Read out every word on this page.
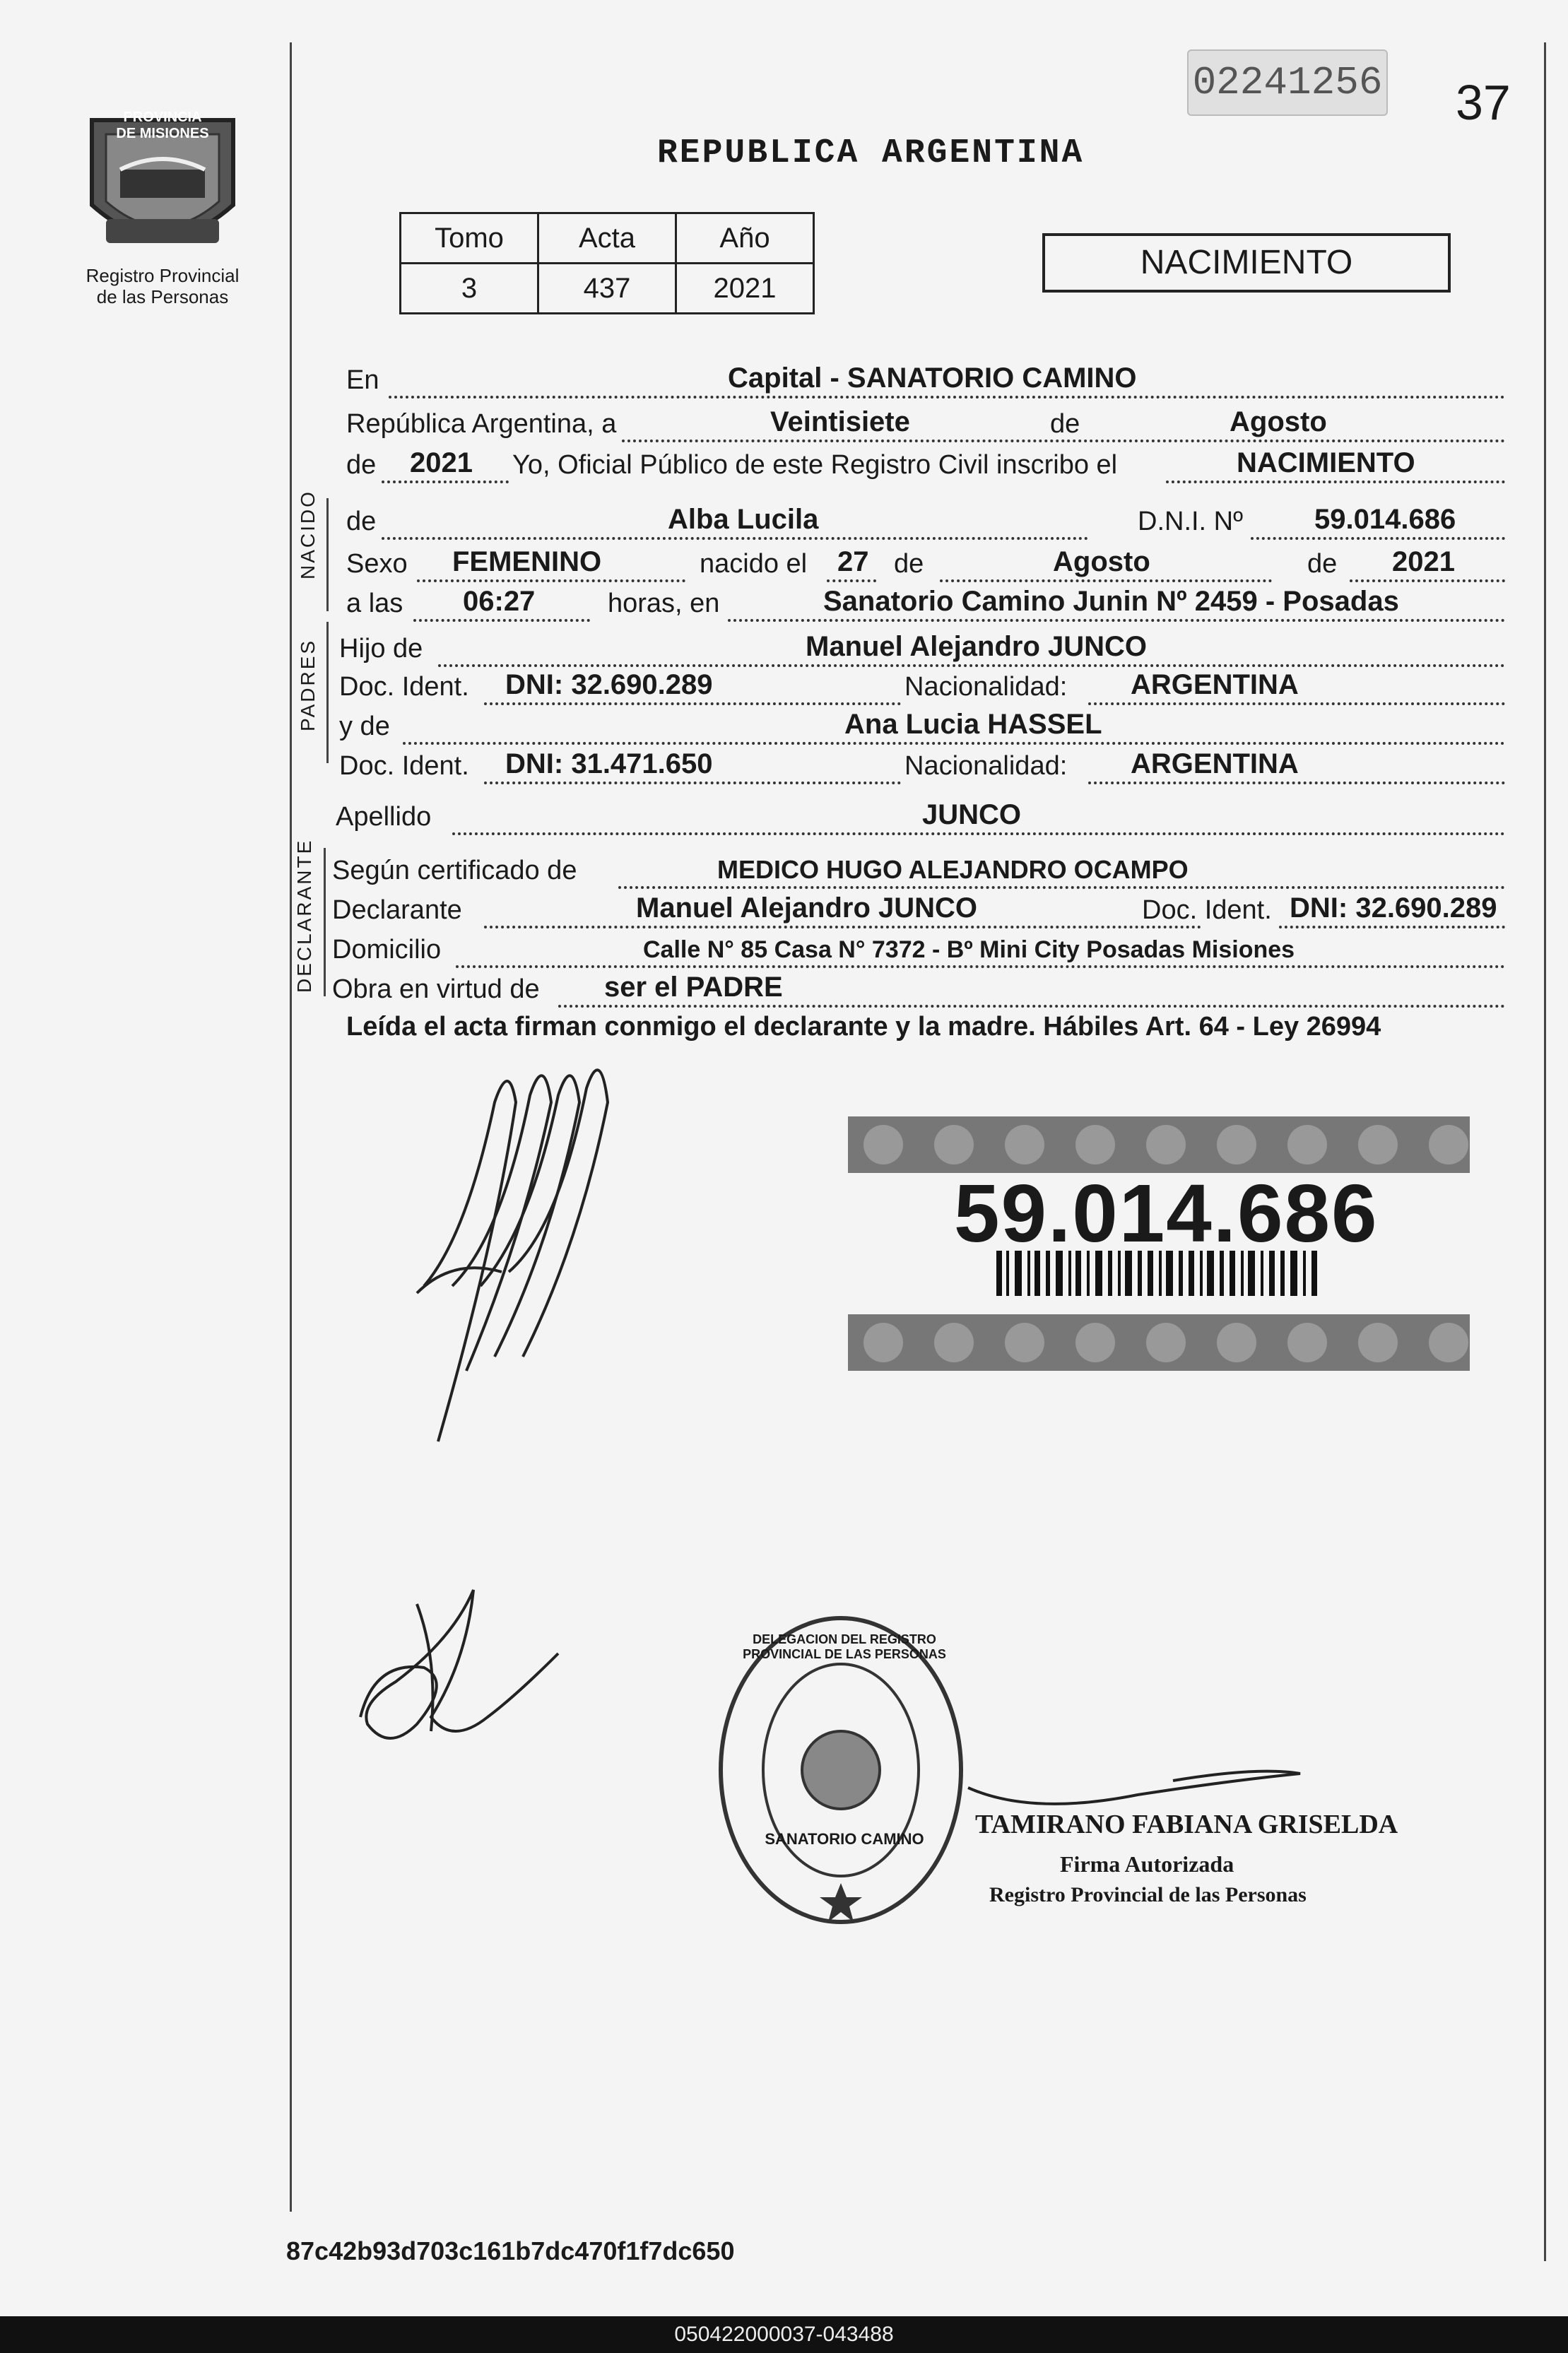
PROVINCIA DE MISIONES
Registro Provincial
de las Personas
REPUBLICA ARGENTINA
02241256 37
Tomo	Acta	Año
3	437	2021
NACIMIENTO
NACIDO
PADRES
DECLARANTE
En	Capital - SANATORIO CAMINO
República Argentina, a	Veintisiete	de	Agosto
de 2021 Yo, Oficial Público de este Registro Civil inscribo el	NACIMIENTO
de	Alba Lucila	D.N.I. Nº	59.014.686
Sexo FEMENINO	nacido el 27 de	Agosto	de 2021
a las 06:27	horas, en	Sanatorio Camino Junin Nº 2459 - Posadas
Hijo de	Manuel Alejandro JUNCO
Doc. Ident. DNI: 32.690.289	Nacionalidad: ARGENTINA
y de	Ana Lucia HASSEL
Doc. Ident. DNI: 31.471.650	Nacionalidad: ARGENTINA
Apellido	JUNCO
Según certificado de	MEDICO HUGO ALEJANDRO OCAMPO
Declarante	Manuel Alejandro JUNCO	Doc. Ident. DNI: 32.690.289
Domicilio	Calle N° 85 Casa N° 7372 - Bº Mini City Posadas Misiones
Obra en virtud de ser el PADRE
Leída el acta firman conmigo el declarante y la madre. Hábiles Art. 64 - Ley 26994
59.014.686
DELEGACION DEL REGISTRO PROVINCIAL DE LAS PERSONAS
SANATORIO CAMINO	TAMIRANO FABIANA GRISELDA
Firma Autorizada
Registro Provincial de las Personas
87c42b93d703c161b7dc470f1f7dc650
050422000037-043488
